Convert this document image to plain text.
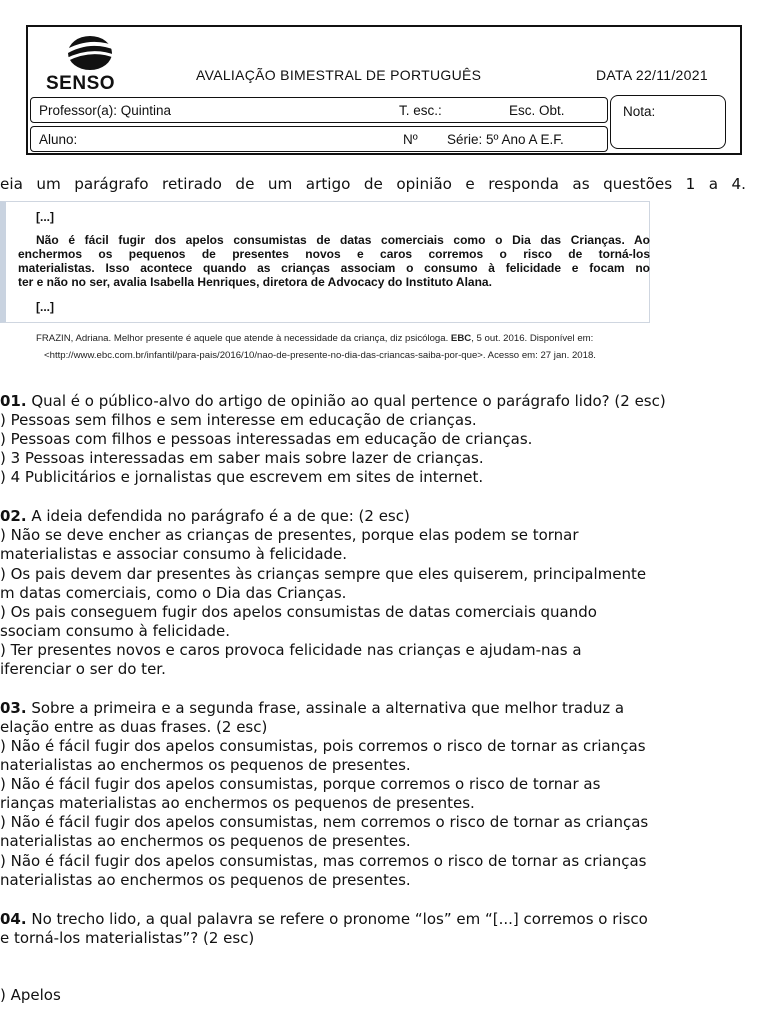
SENSO	AVALIAÇÃO BIMESTRAL DE PORTUGUÊS	DATA 22/11/2021
Professor(a): Quintina	T. esc.:	Esc. Obt.
Aluno:	Nº Série: 5º Ano A E.F.
Nota:
eia um parágrafo retirado de um artigo de opinião e responda as questões 1 a 4.
[...]
Não é fácil fugir dos apelos consumistas de datas comerciais como o Dia das Crianças. Ao
enchermos os pequenos de presentes novos e caros corremos o risco de torná-los
materialistas. Isso acontece quando as crianças associam o consumo à felicidade e focam no
ter e não no ser, avalia Isabella Henriques, diretora de Advocacy do Instituto Alana.
[...]
FRAZIN, Adriana. Melhor presente é aquele que atende à necessidade da criança, diz psicóloga. EBC, 5 out. 2016. Disponível em:
<http://www.ebc.com.br/infantil/para-pais/2016/10/nao-de-presente-no-dia-das-criancas-saiba-por-que>. Acesso em: 27 jan. 2018.
01. Qual é o público-alvo do artigo de opinião ao qual pertence o parágrafo lido? (2 esc)
) Pessoas sem filhos e sem interesse em educação de crianças.
) Pessoas com filhos e pessoas interessadas em educação de crianças.
) 3 Pessoas interessadas em saber mais sobre lazer de crianças.
) 4 Publicitários e jornalistas que escrevem em sites de internet.
02. A ideia defendida no parágrafo é a de que: (2 esc)
) Não se deve encher as crianças de presentes, porque elas podem se tornar
materialistas e associar consumo à felicidade.
) Os pais devem dar presentes às crianças sempre que eles quiserem, principalmente
m datas comerciais, como o Dia das Crianças.
) Os pais conseguem fugir dos apelos consumistas de datas comerciais quando
ssociam consumo à felicidade.
) Ter presentes novos e caros provoca felicidade nas crianças e ajudam-nas a
iferenciar o ser do ter.
03. Sobre a primeira e a segunda frase, assinale a alternativa que melhor traduz a
elação entre as duas frases. (2 esc)
) Não é fácil fugir dos apelos consumistas, pois corremos o risco de tornar as crianças
naterialistas ao enchermos os pequenos de presentes.
) Não é fácil fugir dos apelos consumistas, porque corremos o risco de tornar as
rianças materialistas ao enchermos os pequenos de presentes.
) Não é fácil fugir dos apelos consumistas, nem corremos o risco de tornar as crianças
naterialistas ao enchermos os pequenos de presentes.
) Não é fácil fugir dos apelos consumistas, mas corremos o risco de tornar as crianças
naterialistas ao enchermos os pequenos de presentes.
04. No trecho lido, a qual palavra se refere o pronome “los” em “[...] corremos o risco
e torná-los materialistas”? (2 esc)
) Apelos
